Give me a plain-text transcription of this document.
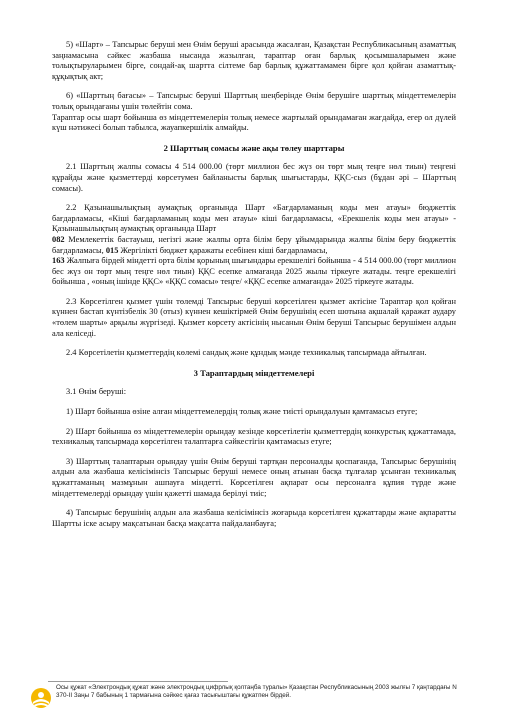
5) «Шарт» – Тапсырыс беруші мен Өнім беруші арасында жасалған, Қазақстан Республикасының азаматтық заңнамасына сәйкес жазбаша нысанда жазылған, тараптар оған барлық қосымшаларымен және толықтыруларымен бірге, сондай-ақ шартта сілтеме бар барлық құжаттамамен бірге қол қойған азаматтық-құқықтық акт;

6) «Шарттың бағасы» – Тапсырыс беруші Шарттың шеңберінде Өнім берушіге шарттық міндеттемелерін толық орындағаны үшін төлейтін сома.

Тараптар осы шарт бойынша өз міндеттемелерін толық немесе жартылай орындамаған жағдайда, егер ол дүлей күш нәтижесі болып табылса, жауапкершілік алмайды.

2 Шарттың сомасы және ақы төлеу шарттары

2.1 Шарттың жалпы сомасы 4 514 000.00 (төрт миллион бес жүз он төрт мың теңге нөл тиын) теңгені құрайды және қызметтерді көрсетумен байланысты барлық шығыстарды, ҚҚС-сыз (бұдан әрі – Шарттың сомасы).

2.2 Қазынашылықтың аумақтық органында Шарт «Бағдарламаның коды мен атауы» бюджеттік бағдарламасы, «Кіші бағдарламаның коды мен атауы» кіші бағдарламасы, «Ерекшелік коды мен атауы» - Қазынашылықтың аумақтық органында Шарт
082 Мемлекеттік бастауыш, негізгі және жалпы орта білім беру ұйымдарында жалпы білім беру бюджеттік бағдарламасы, 015 Жергілікті бюджет қаражаты есебінен кіші бағдарламасы,
163 Жалпыға бірдей міндетті орта білім қорының шығындары ерекшелігі бойынша - 4 514 000.00 (төрт миллион бес жүз он төрт мың теңге нөл тиын) ҚҚС есепке алмағанда 2025 жылы тіркеуге жатады. теңге ерекшелігі бойынша , «оның ішінде ҚҚС» «ҚҚС сомасы» теңге/ «ҚҚС есепке алмағанда» 2025 тіркеуге жатады.

2.3 Көрсетілген қызмет үшін төлемді Тапсырыс беруші көрсетілген қызмет актісіне Тараптар қол қойған күннен бастап күнтізбелік 30 (отыз) күннен кешіктірмей Өнім берушінің есеп шотына ақшалай қаражат аудару «төлем шарты» арқылы жүргізеді. Қызмет көрсету актісінің нысанын Өнім беруші Тапсырыс берушімен алдын ала келіседі.

2.4 Көрсетілетін қызметтердің көлемі сандық және құндық мәнде техникалық тапсырмада айтылған.

3 Тараптардың міндеттемелері

3.1 Өнім беруші:

1) Шарт бойынша өзіне алған міндеттемелердің толық және тиісті орындалуын қамтамасыз етуге;

2) Шарт бойынша өз міндеттемелерін орындау кезінде көрсетілетін қызметтердің конкурстық құжаттамада, техникалық тапсырмада көрсетілген талаптарға сәйкестігін қамтамасыз етуге;

3) Шарттың талаптарын орындау үшін Өнім беруші тартқан персоналды қоспағанда, Тапсырыс берушінің алдын ала жазбаша келісімінсіз Тапсырыс беруші немесе оның атынан басқа тұлғалар ұсынған техникалық құжаттаманың мазмұнын ашпауға міндетті. Көрсетілген ақпарат осы персоналға құпия түрде және міндеттемелерді орындау үшін қажетті шамада берілуі тиіс;

4) Тапсырыс берушінің алдын ала жазбаша келісімінсіз жоғарыда көрсетілген құжаттарды және ақпаратты Шартты іске асыру мақсатынан басқа мақсатта пайдаланбауға;

Осы құжат «Электрондық құжат және электрондық цифрлық қолтаңба туралы» Қазақстан Республикасының 2003 жылғы 7 қаңтардағы N 370-II Заңы 7 бабының 1 тармағына сәйкес қағаз тасығыштағы құжатпен бірдей.
